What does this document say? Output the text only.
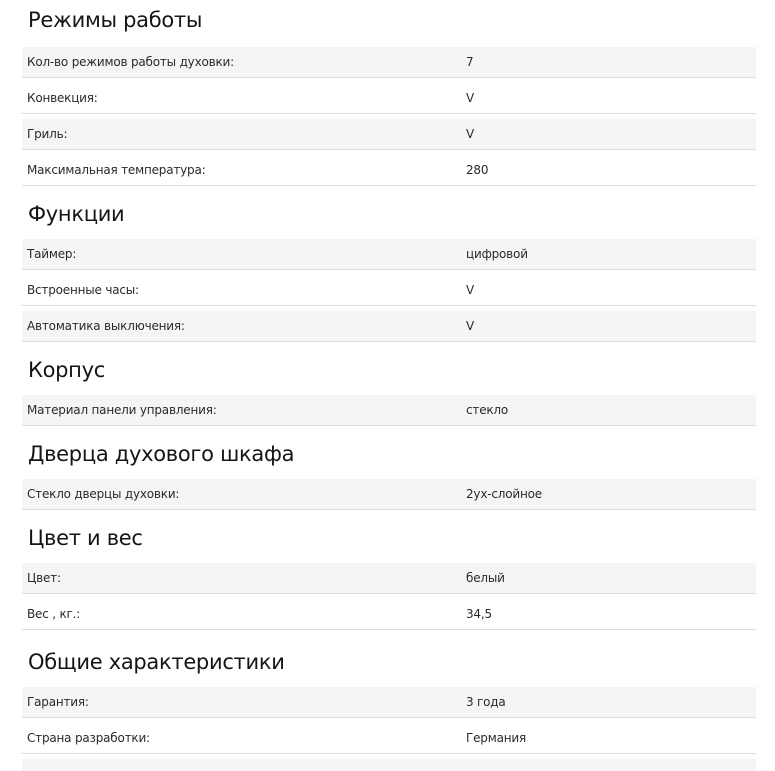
Режимы работы
Кол-во режимов работы духовки:	7
Конвекция:	V
Гриль:	V
Максимальная температура:	280
Функции
Таймер:	цифровой
Встроенные часы:	V
Автоматика выключения:	V
Корпус
Материал панели управления:	стекло
Дверца духового шкафа
Стекло дверцы духовки:	2ух-слойное
Цвет и вес
Цвет:	белый
Вес , кг.:	34,5
Общие характеристики
Гарантия:	3 года
Страна разработки:	Германия
